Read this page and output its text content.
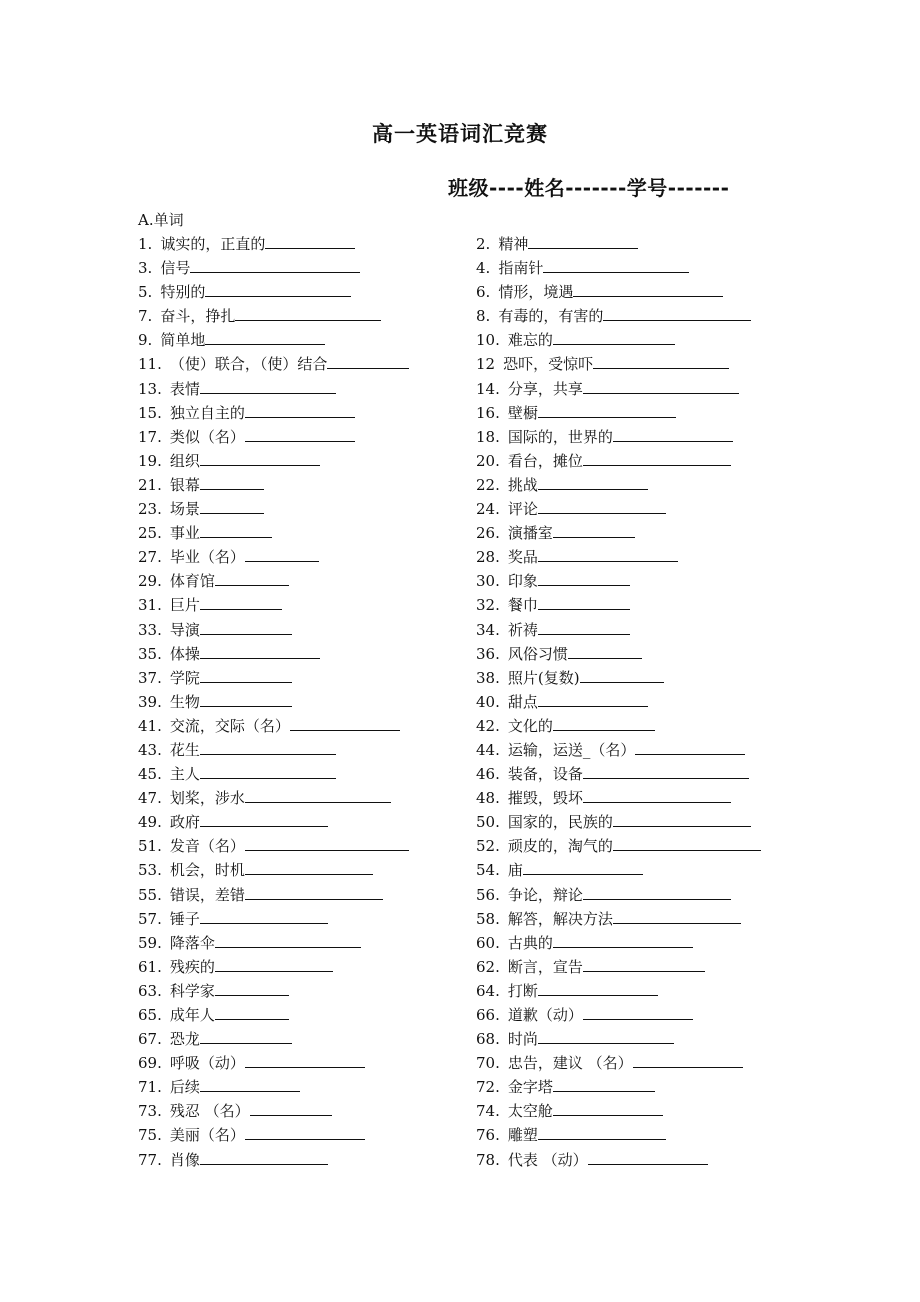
高一英语词汇竞赛
班级----姓名-------学号-------
A.单词
1. 诚实的，正直的	2. 精神
3. 信号	4. 指南针
5. 特别的	6. 情形，境遇
7. 奋斗，挣扎	8. 有毒的，有害的
9. 简单地	10. 难忘的
11. （使）联合，（使）结合	12 恐吓，受惊吓
13. 表情	14. 分享，共享
15. 独立自主的	16. 壁橱
17. 类似（名）	18. 国际的，世界的
19. 组织	20. 看台，摊位
21. 银幕	22. 挑战
23. 场景	24. 评论
25. 事业	26. 演播室
27. 毕业（名）	28. 奖品
29. 体育馆	30. 印象
31. 巨片	32. 餐巾
33. 导演	34. 祈祷
35. 体操	36. 风俗习惯
37. 学院	38. 照片(复数)
39. 生物	40. 甜点
41. 交流，交际（名）	42. 文化的
43. 花生	44. 运输，运送_（名）
45. 主人	46. 装备，设备
47. 划桨，涉水	48. 摧毁，毁坏
49. 政府	50. 国家的，民族的
51. 发音（名）	52. 顽皮的，淘气的
53. 机会，时机	54. 庙
55. 错误，差错	56. 争论，辩论
57. 锤子	58. 解答，解决方法
59. 降落伞	60. 古典的
61. 残疾的	62. 断言，宣告
63. 科学家	64. 打断
65. 成年人	66. 道歉（动）
67. 恐龙	68. 时尚
69. 呼吸（动）	70. 忠告，建议 （名）
71. 后续	72. 金字塔
73. 残忍 （名）	74. 太空舱
75. 美丽（名）	76. 雕塑
77. 肖像	78. 代表 （动）
